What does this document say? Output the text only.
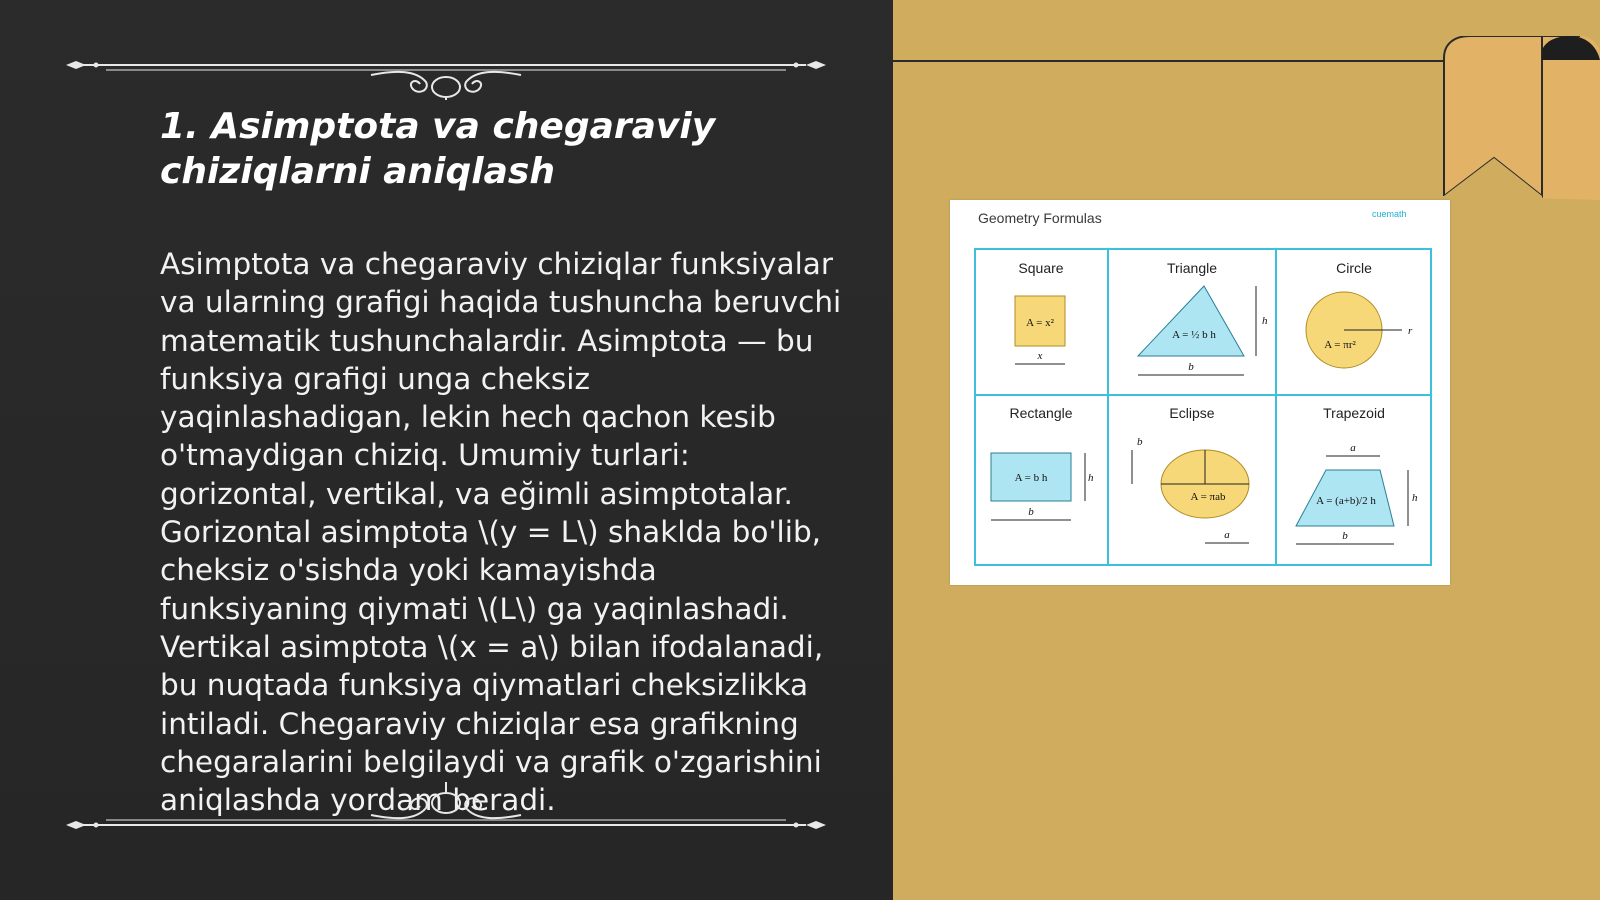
1. Asimptota va chegaraviy chiziqlarni aniqlash

Asimptota va chegaraviy chiziqlar funksiyalar va ularning grafigi haqida tushuncha beruvchi matematik tushunchalardir. Asimptota — bu funksiya grafigi unga cheksiz yaqinlashadigan, lekin hech qachon kesib o'tmaydigan chiziq. Umumiy turlari: gorizontal, vertikal, va eğimli asimptotalar. Gorizontal asimptota \(y = L\) shaklda bo'lib, cheksiz o'sishda yoki kamayishda funksiyaning qiymati \(L\) ga yaqinlashadi. Vertikal asimptota \(x = a\) bilan ifodalanadi, bu nuqtada funksiya qiymatlari cheksizlikka intiladi. Chegaraviy chiziqlar esa grafikning chegaralarini belgilaydi va grafik o'zgarishini aniqlashda yordam beradi.

Geometry Formulas	cuemath
Square
A = x²
x
Triangle
A = ½ b h
b
h
Circle
A = πr²
r
Rectangle
A = b h
b
h
Eclipse
A = πab
a
b
Trapezoid
A = (a+b)/2 h
a
b
h
